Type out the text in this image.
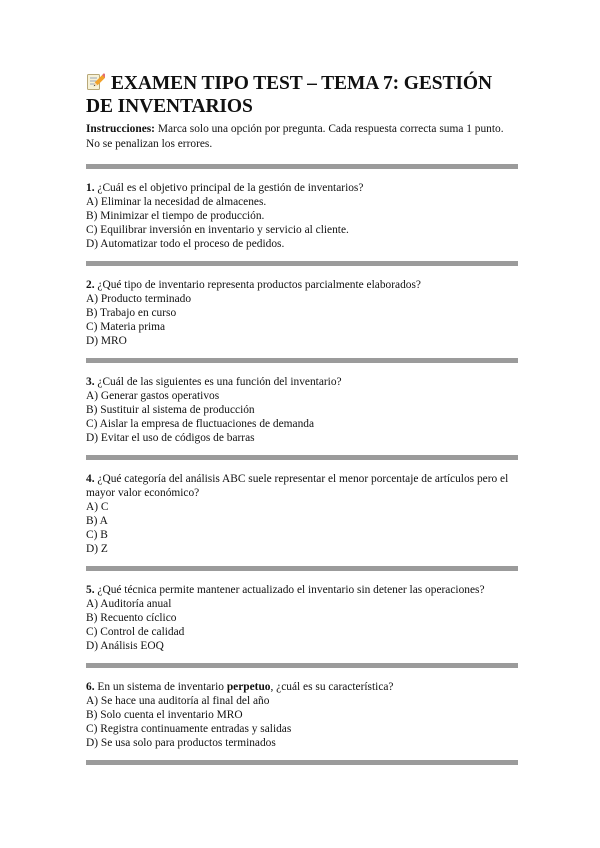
EXAMEN TIPO TEST – TEMA 7: GESTIÓN DE INVENTARIOS
Instrucciones: Marca solo una opción por pregunta. Cada respuesta correcta suma 1 punto. No se penalizan los errores.
1. ¿Cuál es el objetivo principal de la gestión de inventarios?
A) Eliminar la necesidad de almacenes.
B) Minimizar el tiempo de producción.
C) Equilibrar inversión en inventario y servicio al cliente.
D) Automatizar todo el proceso de pedidos.
2. ¿Qué tipo de inventario representa productos parcialmente elaborados?
A) Producto terminado
B) Trabajo en curso
C) Materia prima
D) MRO
3. ¿Cuál de las siguientes es una función del inventario?
A) Generar gastos operativos
B) Sustituir al sistema de producción
C) Aislar la empresa de fluctuaciones de demanda
D) Evitar el uso de códigos de barras
4. ¿Qué categoría del análisis ABC suele representar el menor porcentaje de artículos pero el mayor valor económico?
A) C
B) A
C) B
D) Z
5. ¿Qué técnica permite mantener actualizado el inventario sin detener las operaciones?
A) Auditoría anual
B) Recuento cíclico
C) Control de calidad
D) Análisis EOQ
6. En un sistema de inventario perpetuo, ¿cuál es su característica?
A) Se hace una auditoría al final del año
B) Solo cuenta el inventario MRO
C) Registra continuamente entradas y salidas
D) Se usa solo para productos terminados
